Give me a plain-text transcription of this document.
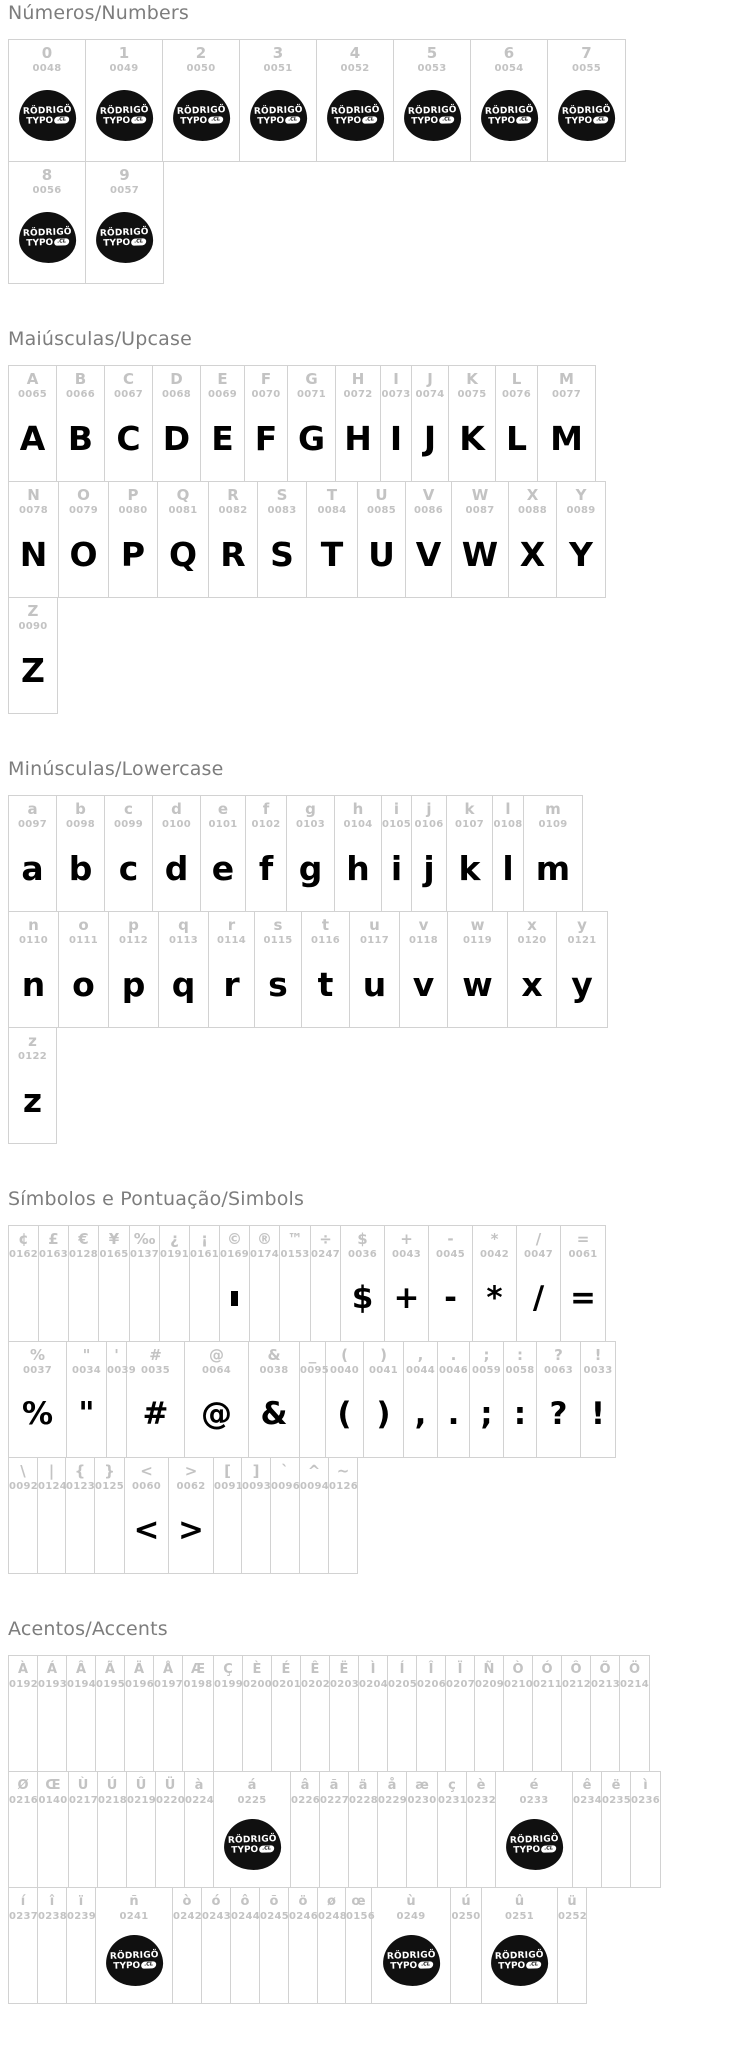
Números/Numbers
0
0048
RÖDRIGÖ
TYPO .CL
1
0049
RÖDRIGÖ
TYPO .CL
2
0050
RÖDRIGÖ
TYPO .CL
3
0051
RÖDRIGÖ
TYPO .CL
4
0052
RÖDRIGÖ
TYPO .CL
5
0053
RÖDRIGÖ
TYPO .CL
6
0054
RÖDRIGÖ
TYPO .CL
7
0055
RÖDRIGÖ
TYPO .CL
8
0056
RÖDRIGÖ
TYPO .CL
9
0057
RÖDRIGÖ
TYPO .CL
Maiúsculas/Upcase
A
0065
A
B
0066
B
C
0067
C
D
0068
D
E
0069
E
F
0070
F
G
0071
G
H
0072
H
I
0073
I
J
0074
J
K
0075
K
L
0076
L
M
0077
M
N
0078
N
O
0079
O
P
0080
P
Q
0081
Q
R
0082
R
S
0083
S
T
0084
T
U
0085
U
V
0086
V
W
0087
W
X
0088
X
Y
0089
Y
Z
0090
Z
Minúsculas/Lowercase
a
0097
a
b
0098
b
c
0099
c
d
0100
d
e
0101
e
f
0102
f
g
0103
g
h
0104
h
i
0105
i
j
0106
j
k
0107
k
l
0108
l
m
0109
m
n
0110
n
o
0111
o
p
0112
p
q
0113
q
r
0114
r
s
0115
s
t
0116
t
u
0117
u
v
0118
v
w
0119
w
x
0120
x
y
0121
y
z
0122
z
Símbolos e Pontuação/Simbols
¢
0162
£
0163
€
0128
¥
0165
‰
0137
¿
0191
¡
0161
©
0169
®
0174
™
0153
÷
0247
$
0036
$
+
0043
+
-
0045
-
*
0042
*
/
0047
/
=
0061
=
%
0037
%
"
0034
"
'
0039
#
0035
#
@
0064
@
&
0038
&
_
0095
(
0040
(
)
0041
)
,
0044
,
.
0046
.
;
0059
;
:
0058
:
?
0063
?
!
0033
!
\
0092
|
0124
{
0123
}
0125
<
0060
<
>
0062
>
[
0091
]
0093
`
0096
^
0094
~
0126
Acentos/Accents
À
0192
Á
0193
Â
0194
Ã
0195
Ä
0196
Å
0197
Æ
0198
Ç
0199
È
0200
É
0201
Ê
0202
Ë
0203
Ì
0204
Í
0205
Î
0206
Ï
0207
Ñ
0209
Ò
0210
Ó
0211
Ô
0212
Õ
0213
Ö
0214
Ø
0216
Œ
0140
Ù
0217
Ú
0218
Û
0219
Ü
0220
à
0224
á
0225
RÖDRIGÖ
TYPO .CL
â
0226
ã
0227
ä
0228
å
0229
æ
0230
ç
0231
è
0232
é
0233
RÖDRIGÖ
TYPO .CL
ê
0234
ë
0235
ì
0236
í
0237
î
0238
ï
0239
ñ
0241
RÖDRIGÖ
TYPO .CL
ò
0242
ó
0243
ô
0244
õ
0245
ö
0246
ø
0248
œ
0156
ù
0249
RÖDRIGÖ
TYPO .CL
ú
0250
û
0251
RÖDRIGÖ
TYPO .CL
ü
0252
